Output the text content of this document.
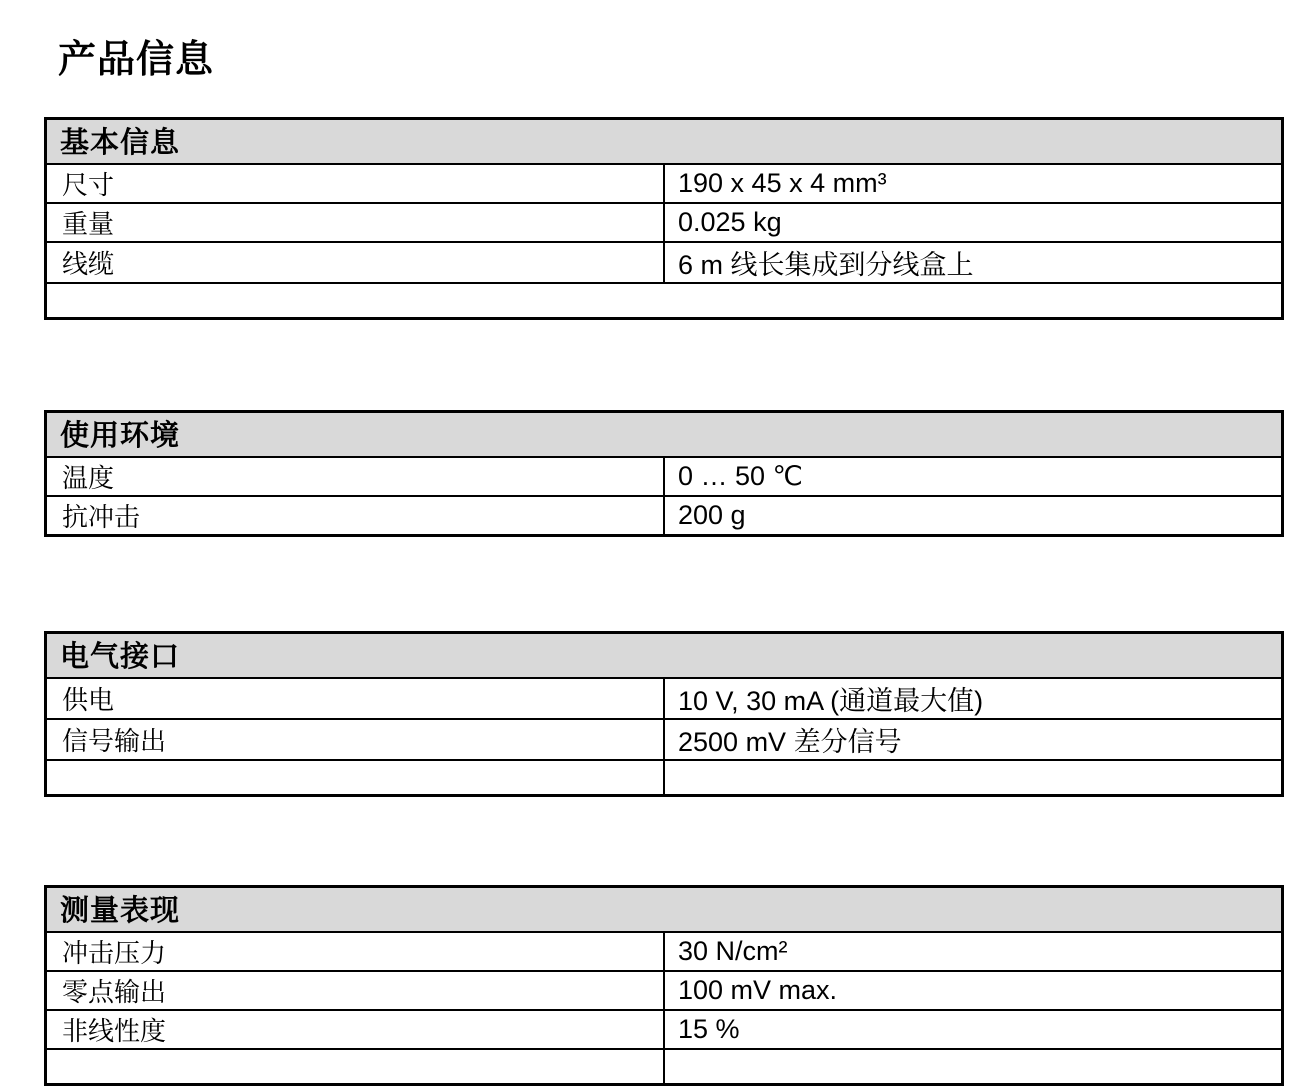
产品信息
基本信息	
尺寸	190 x 45 x 4 mm³
重量	0.025 kg
线缆	6 m 线长集成到分线盒上

使用环境	
温度	0 … 50 ℃
抗冲击	200 g
电气接口	
供电	10 V, 30 mA (通道最大值)
信号输出	2500 mV 差分信号

测量表现	
冲击压力	30 N/cm²
零点输出	100 mV max.
非线性度	15 %
